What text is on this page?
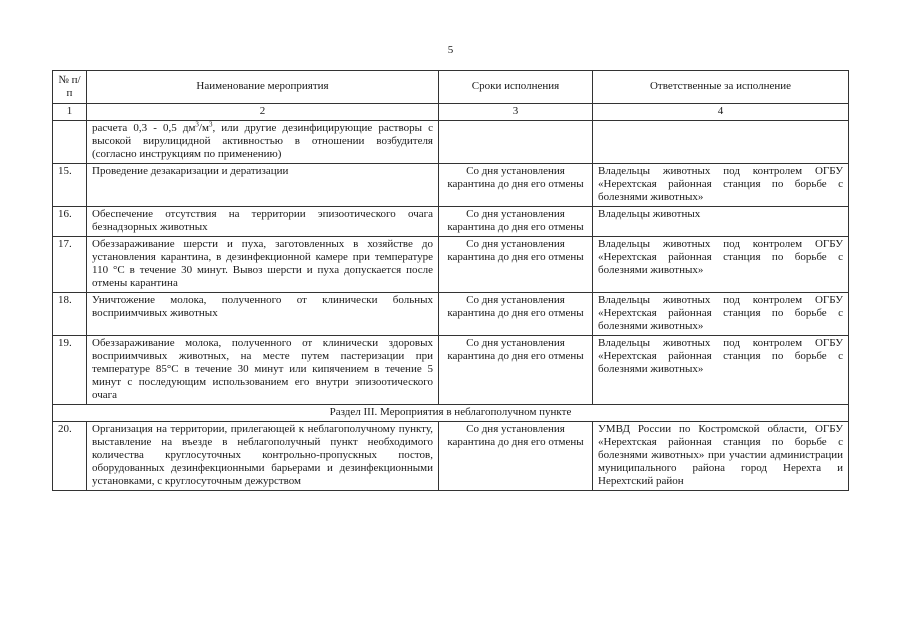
5
№ п/п	Наименование мероприятия	Сроки исполнения	Ответственные за исполнение
1	2	3	4
	расчета 0,3 - 0,5 $дм^3/м^3$, или другие дезинфицирующие растворы с высокой вирулицидной активностью в отношении возбудителя (согласно инструкциям по применению)		
15.	Проведение дезакаризации и дератизации	Со дня установления карантина до дня его отмены	Владельцы животных под контролем ОГБУ «Нерехтская районная станция по борьбе с болезнями животных»
16.	Обеспечение отсутствия на территории эпизоотического очага безнадзорных животных	Со дня установления карантина до дня его отмены	Владельцы животных
17.	Обеззараживание шерсти и пуха, заготовленных в хозяйстве до установления карантина, в дезинфекционной камере при температуре 110 °С в течение 30 минут. Вывоз шерсти и пуха допускается после отмены карантина	Со дня установления карантина до дня его отмены	Владельцы животных под контролем ОГБУ «Нерехтская районная станция по борьбе с болезнями животных»
18.	Уничтожение молока, полученного от клинически больных восприимчивых животных	Со дня установления карантина до дня его отмены	Владельцы животных под контролем ОГБУ «Нерехтская районная станция по борьбе с болезнями животных»
19.	Обеззараживание молока, полученного от клинически здоровых восприимчивых животных, на месте путем пастеризации при температуре 85°С в течение 30 минут или кипячением в течение 5 минут с последующим использованием его внутри эпизоотического очага	Со дня установления карантина до дня его отмены	Владельцы животных под контролем ОГБУ «Нерехтская районная станция по борьбе с болезнями животных»
Раздел III. Мероприятия в неблагополучном пункте			
20.	Организация на территории, прилегающей к неблагополучному пункту, выставление на въезде в неблагополучный пункт необходимого количества круглосуточных контрольно-пропускных постов, оборудованных дезинфекционными барьерами и дезинфекционными установками, с круглосуточным дежурством	Со дня установления карантина до дня его отмены	УМВД России по Костромской области, ОГБУ «Нерехтская районная станция по борьбе с болезнями животных» при участии администрации муниципального района город Нерехта и Нерехтский район
